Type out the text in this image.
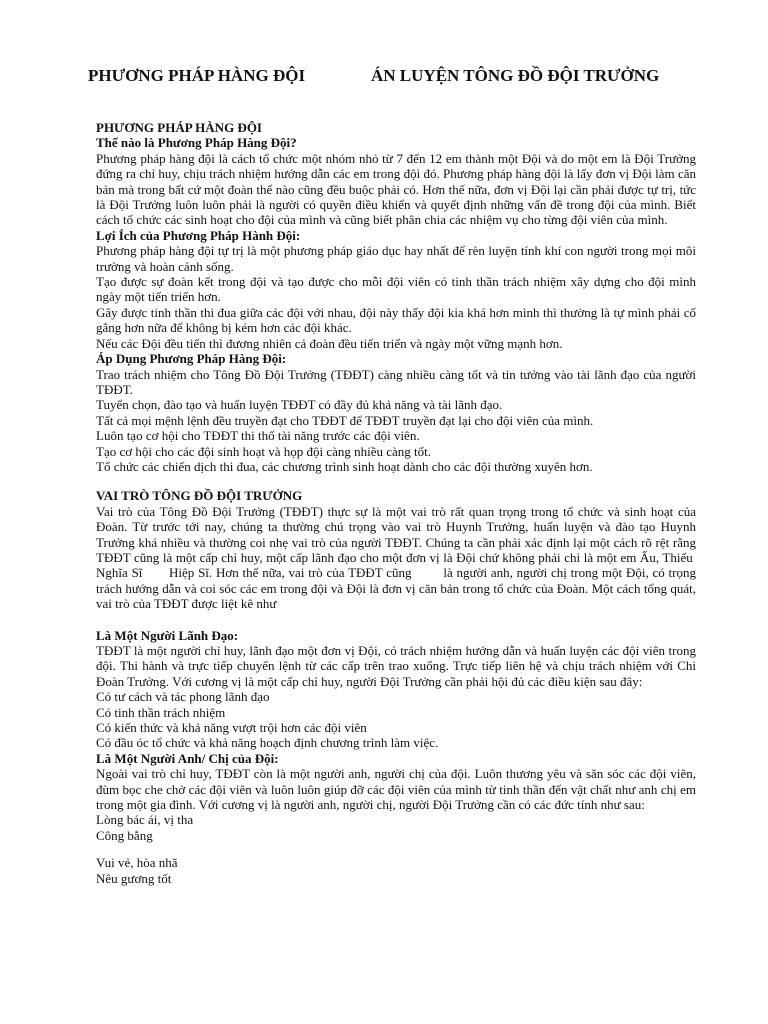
PHƯƠNG PHÁP HÀNG ĐỘI	ÁN LUYỆN TÔNG ĐỒ ĐỘI TRƯỞNG
PHƯƠNG PHÁP HÀNG ĐỘI
Thế nào là Phương Pháp Hàng Đội?

Phương pháp hàng đội là cách tổ chức một nhóm nhỏ từ 7 đến 12 em thành một Đội và do một em là Đội Trưởng đứng ra chỉ huy, chịu trách nhiệm hướng dẫn các em trong đội đó. Phương pháp hàng đội là lấy đơn vị Đội làm căn bản mà trong bất cứ một đoàn thể nào cũng đều buộc phải có. Hơn thế nữa, đơn vị Đội lại cần phải được tự trị, tức là Đội Trưởng luôn luôn phải là người có quyền điều khiển và quyết định những vấn đề trong đội của mình. Biết cách tổ chức các sinh hoạt cho đội của mình và cũng biết phân chia các nhiệm vụ cho từng đội viên của mình.

Lợi Ích của Phương Pháp Hành Đội:

Phương pháp hàng đội tự trị là một phương pháp giáo dục hay nhất để rèn luyện tính khí con người trong mọi môi trường và hoàn cảnh sống.

Tạo được sự đoàn kết trong đội và tạo được cho mỗi đội viên có tinh thần trách nhiệm xây dựng cho đội mình ngày một tiến triển hơn.

Gây được tinh thần thi đua giữa các đội với nhau, đội này thấy đội kia khá hơn mình thì thường là tự mình phải cố gắng hơn nữa để không bị kém hơn các đội khác.

Nếu các Đội đều tiến thì đương nhiên cả đoàn đều tiến triển và ngày một vững mạnh hơn.

Áp Dụng Phương Pháp Hàng Đội:

Trao trách nhiệm cho Tông Đồ Đội Trưởng (TĐĐT) càng nhiều càng tốt và tin tưởng vào tài lãnh đạo của người TĐĐT.

Tuyển chọn, đào tạo và huấn luyện TĐĐT có đầy đủ khả năng và tài lãnh đạo.

Tất cả mọi mệnh lệnh đều truyền đạt cho TĐĐT để TĐĐT truyền đạt lại cho đội viên của mình.

Luôn tạo cơ hội cho TĐĐT thi thố tài năng trước các đội viên.

Tạo cơ hội cho các đội sinh hoạt và họp đội càng nhiều càng tốt.

Tổ chức các chiến dịch thi đua, các chương trình sinh hoạt dành cho các đội thường xuyên hơn.

VAI TRÒ TÔNG ĐỒ ĐỘI TRƯỞNG

Vai trò của Tông Đồ Đội Trưởng (TĐĐT) thực sự là một vai trò rất quan trọng trong tổ chức và sinh hoạt của Đoàn. Từ trước tới nay, chúng ta thường chú trọng vào vai trò Huynh Trưởng, huấn luyện và đào tạo Huynh Trưởng khá nhiều và thường coi nhẹ vai trò của người TĐĐT. Chúng ta cần phải xác định lại một cách rõ rệt rằng TĐĐT cũng là một cấp chỉ huy, một cấp lãnh đạo cho một đơn vị là Đội chứ không phải chỉ là một em Ấu, Thiếu  Nghĩa Sĩ Hiệp Sĩ. Hơn thế nữa, vai trò của TĐĐT cũng là người anh, người chị trong một Đội, có trọng trách hướng dẫn và coi sóc các em trong đội và Đội là đơn vị căn bản trong tổ chức của Đoàn. Một cách tổng quát, vai trò của TĐĐT được liệt kê như

Là Một Người Lãnh Đạo:

TĐĐT là một người chỉ huy, lãnh đạo một đơn vị Đội, có trách nhiệm hướng dẫn và huấn luyện các đội viên trong đội. Thi hành và trực tiếp chuyển lệnh từ các cấp trên trao xuống. Trực tiếp liên hệ và chịu trách nhiệm với Chi Đoàn Trưởng. Với cương vị là một cấp chỉ huy, người Đội Trưởng cần phải hội đủ các điều kiện sau đây:

Có tư cách và tác phong lãnh đạo
Có tinh thần trách nhiệm
Có kiến thức và khả năng vượt trội hơn các đội viên
Có đầu óc tổ chức và khả năng hoạch định chương trình làm việc.
Là Một Người Anh/ Chị của Đội:

Ngoài vai trò chỉ huy, TĐĐT còn là một người anh, người chị của đội. Luôn thương yêu và săn sóc các đội viên, đùm bọc che chở các đội viên và luôn luôn giúp đỡ các đội viên của mình từ tinh thần đến vật chất như anh chị em trong một gia đình. Với cương vị là người anh, người chị, người Đội Trưởng cần có các đức tính như sau:

Lòng bác ái, vị tha
Công bằng
Vui vẻ, hòa nhã
Nêu gương tốt
